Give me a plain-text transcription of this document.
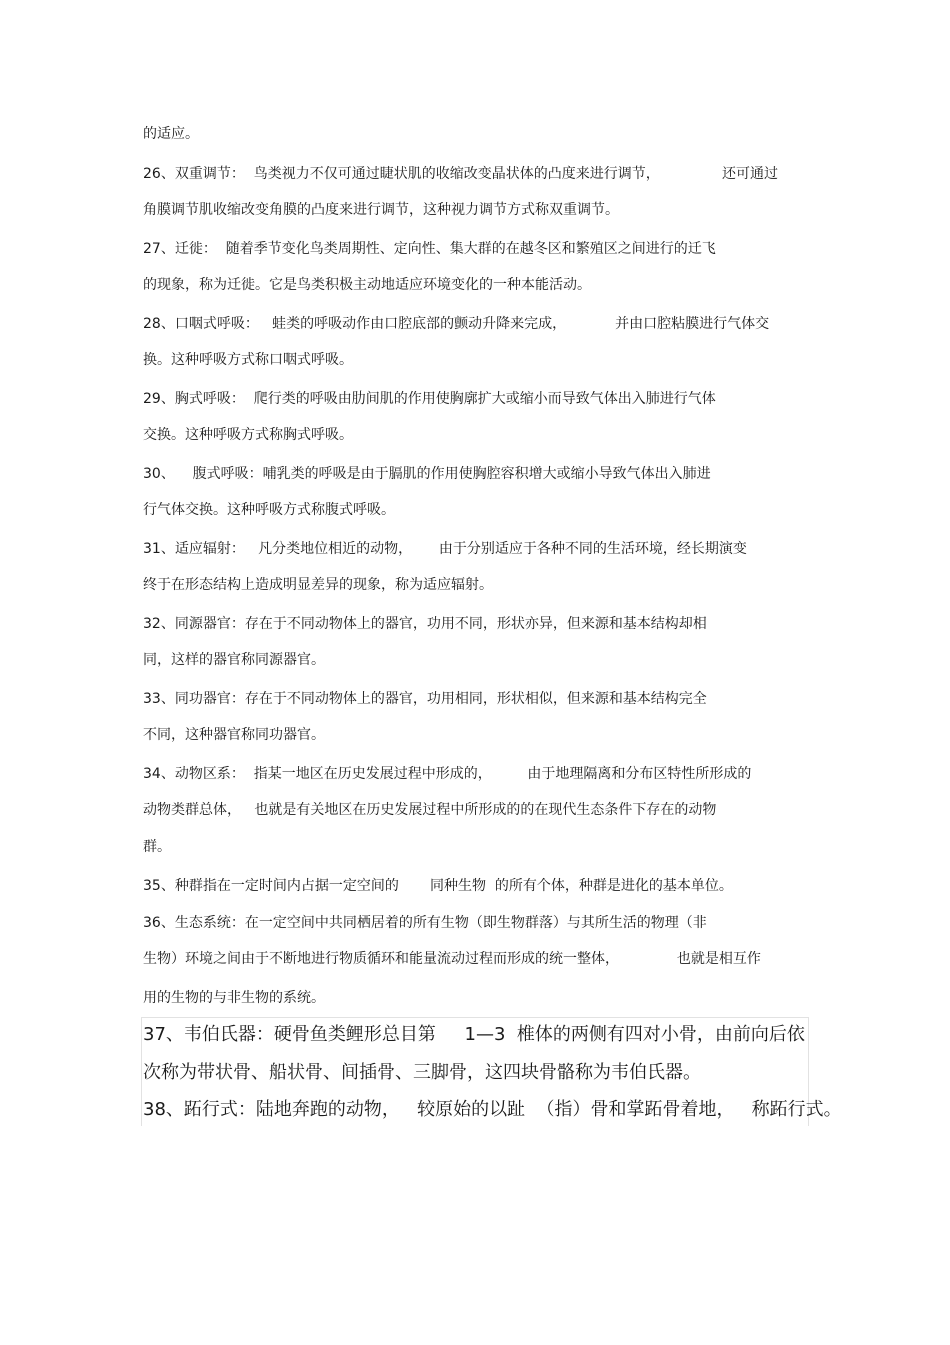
的适应。
26、双重调节：  鸟类视力不仅可通过睫状肌的收缩改变晶状体的凸度来进行调节，              还可通过
角膜调节肌收缩改变角膜的凸度来进行调节，这种视力调节方式称双重调节。
27、迁徙：  随着季节变化鸟类周期性、定向性、集大群的在越冬区和繁殖区之间进行的迁飞
的现象，称为迁徙。它是鸟类积极主动地适应环境变化的一种本能活动。
28、口咽式呼吸：   蛙类的呼吸动作由口腔底部的颤动升降来完成，           并由口腔粘膜进行气体交
换。这种呼吸方式称口咽式呼吸。
29、胸式呼吸：  爬行类的呼吸由肋间肌的作用使胸廓扩大或缩小而导致气体出入肺进行气体
交换。这种呼吸方式称胸式呼吸。
30、    腹式呼吸：哺乳类的呼吸是由于膈肌的作用使胸腔容积增大或缩小导致气体出入肺进
行气体交换。这种呼吸方式称腹式呼吸。
31、适应辐射：   凡分类地位相近的动物，      由于分别适应于各种不同的生活环境，经长期演变
终于在形态结构上造成明显差异的现象，称为适应辐射。
32、同源器官：存在于不同动物体上的器官，功用不同，形状亦异，但来源和基本结构却相
同，这样的器官称同源器官。
33、同功器官：存在于不同动物体上的器官，功用相同，形状相似，但来源和基本结构完全
不同，这种器官称同功器官。
34、动物区系：  指某一地区在历史发展过程中形成的，        由于地理隔离和分布区特性所形成的
动物类群总体，   也就是有关地区在历史发展过程中所形成的的在现代生态条件下存在的动物
群。
35、种群指在一定时间内占据一定空间的       同种生物  的所有个体，种群是进化的基本单位。
36、生态系统：在一定空间中共同栖居着的所有生物（即生物群落）与其所生活的物理（非
生物）环境之间由于不断地进行物质循环和能量流动过程而形成的统一整体，             也就是相互作
用的生物的与非生物的系统。
37、韦伯氏器：硬骨鱼类鲤形总目第     1—3  椎体的两侧有四对小骨，由前向后依
次称为带状骨、船状骨、间插骨、三脚骨，这四块骨骼称为韦伯氏器。
38、跖行式：陆地奔跑的动物，   较原始的以趾  （指）骨和掌跖骨着地，   称跖行式。
